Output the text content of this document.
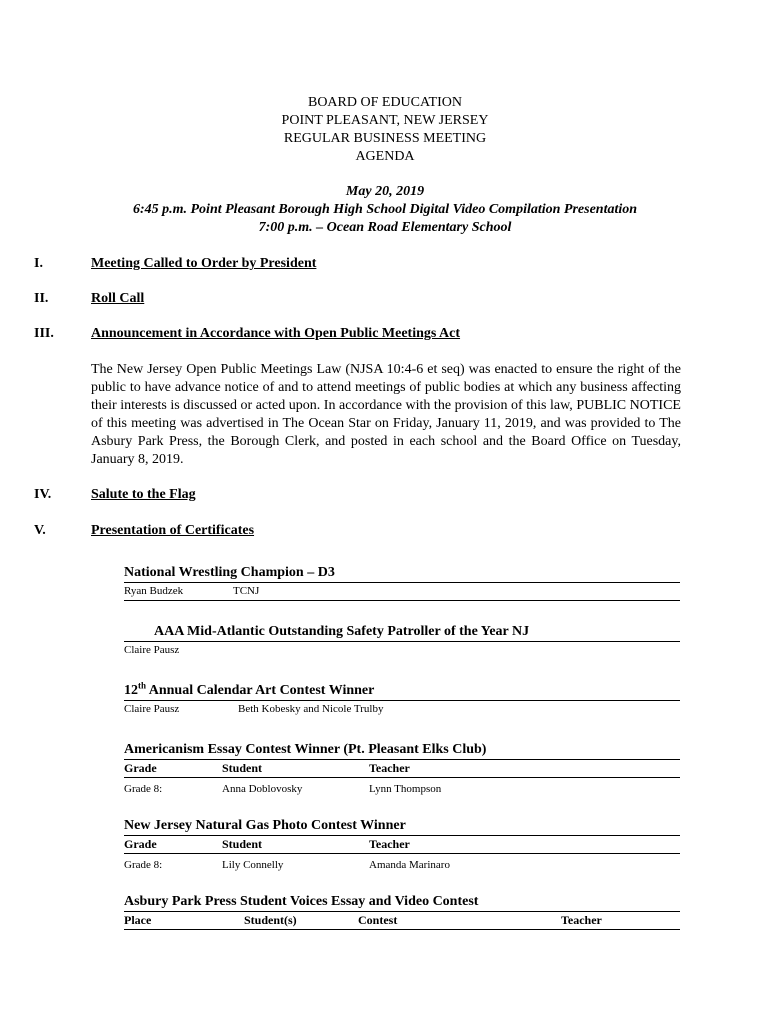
BOARD OF EDUCATION
POINT PLEASANT, NEW JERSEY
REGULAR BUSINESS MEETING
AGENDA
May 20, 2019
6:45 p.m. Point Pleasant Borough High School Digital Video Compilation Presentation
7:00 p.m. – Ocean Road Elementary School
I.	Meeting Called to Order by President
II.	Roll Call
III.	Announcement in Accordance with Open Public Meetings Act
The New Jersey Open Public Meetings Law (NJSA 10:4-6 et seq) was enacted to ensure the right of the public to have advance notice of and to attend meetings of public bodies at which any business affecting their interests is discussed or acted upon. In accordance with the provision of this law, PUBLIC NOTICE of this meeting was advertised in The Ocean Star on Friday, January 11, 2019, and was provided to The Asbury Park Press, the Borough Clerk, and posted in each school and the Board Office on Tuesday, January 8, 2019.
IV.	Salute to the Flag
V.	Presentation of Certificates
National Wrestling Champion – D3
Ryan Budzek	TCNJ
AAA Mid-Atlantic Outstanding Safety Patroller of the Year NJ
Claire Pausz
12th Annual Calendar Art Contest Winner
Claire Pausz	Beth Kobesky and Nicole Trulby
Americanism Essay Contest Winner (Pt. Pleasant Elks Club)
Grade	Student	Teacher
Grade 8:	Anna Doblovosky	Lynn Thompson
New Jersey Natural Gas Photo Contest Winner
Grade	Student	Teacher
Grade 8:	Lily Connelly	Amanda Marinaro
Asbury Park Press Student Voices Essay and Video Contest
Place	Student(s)	Contest	Teacher
